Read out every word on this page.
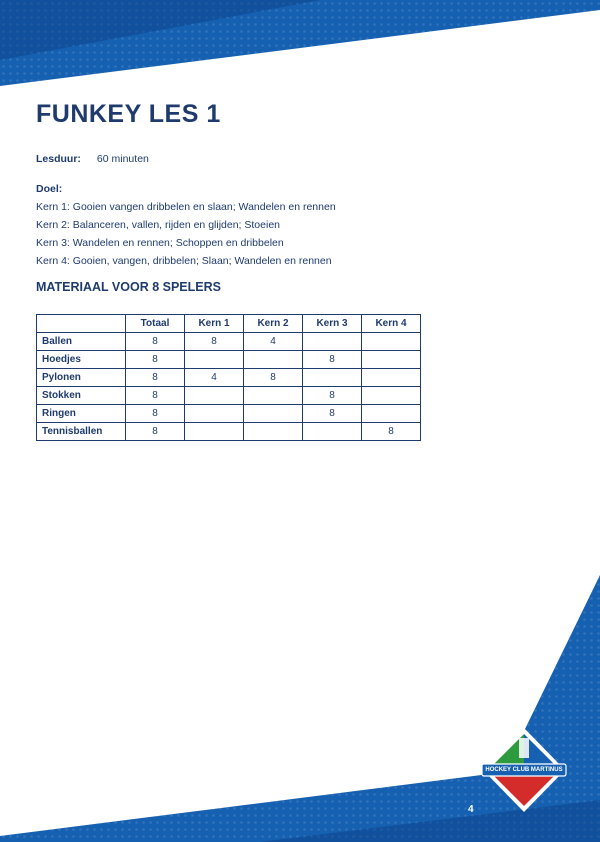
HOCKEY CLUB MARTINUS
FUNKEY LES 1
Lesduur: 60 minuten
Doel:
Kern 1: Gooien vangen dribbelen en slaan; Wandelen en rennen
Kern 2: Balanceren, vallen, rijden en glijden; Stoeien
Kern 3: Wandelen en rennen; Schoppen en dribbelen
Kern 4: Gooien, vangen, dribbelen; Slaan; Wandelen en rennen
MATERIAAL VOOR 8 SPELERS
	Totaal	Kern 1	Kern 2	Kern 3	Kern 4
Ballen	8	8	4		
Hoedjes	8			8	
Pylonen	8	4	8		
Stokken	8			8	
Ringen	8			8	
Tennisballen	8				8
4
